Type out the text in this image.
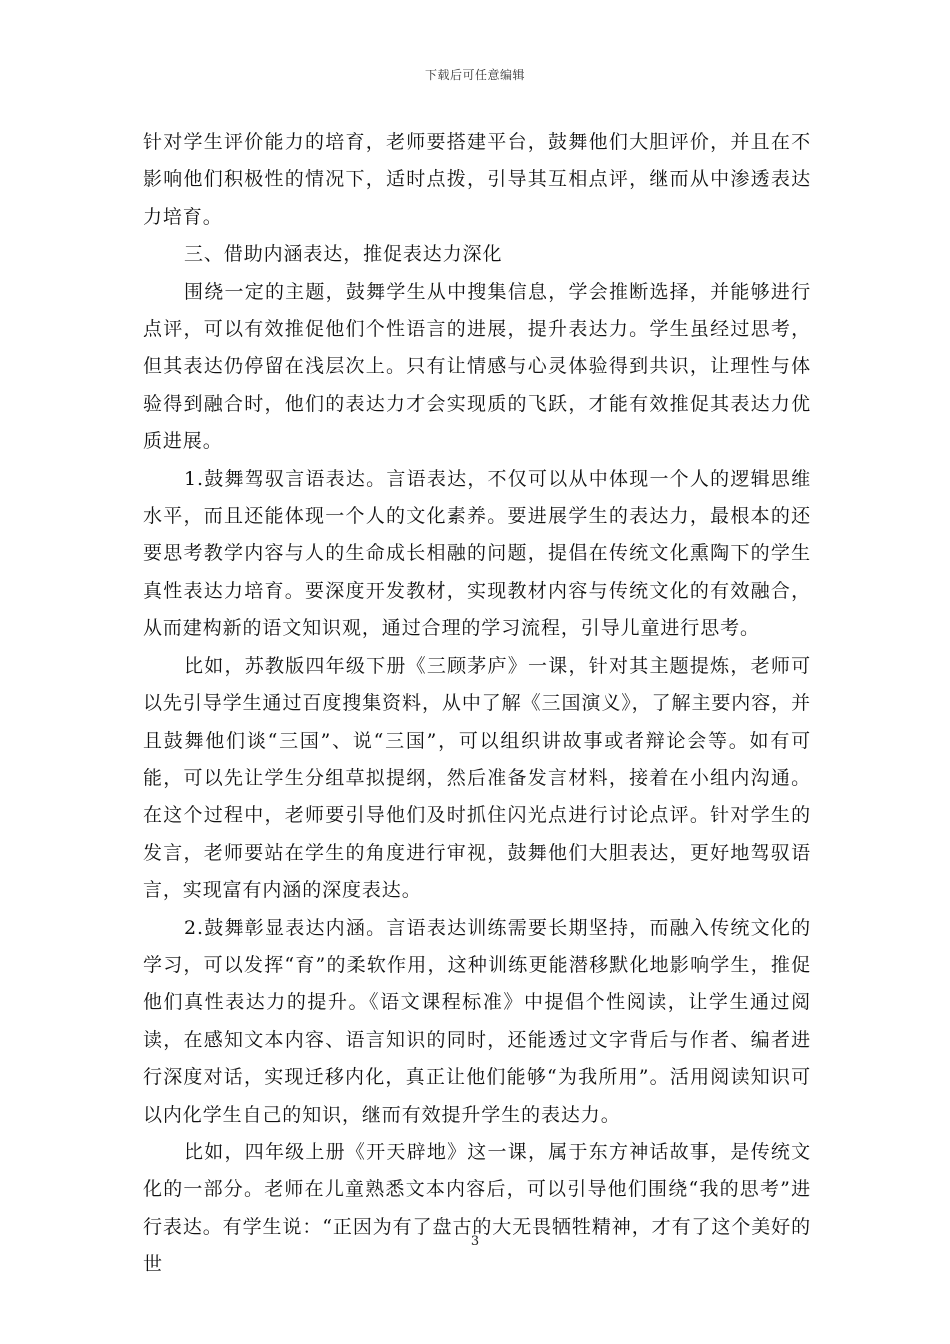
下载后可任意编辑

针对学生评价能力的培育，老师要搭建平台，鼓舞他们大胆评价，并且在不影响他们积极性的情况下，适时点拨，引导其互相点评，继而从中渗透表达力培育。

三、借助内涵表达，推促表达力深化

围绕一定的主题，鼓舞学生从中搜集信息，学会推断选择，并能够进行点评，可以有效推促他们个性语言的进展，提升表达力。学生虽经过思考，但其表达仍停留在浅层次上。只有让情感与心灵体验得到共识，让理性与体验得到融合时，他们的表达力才会实现质的飞跃，才能有效推促其表达力优质进展。

1.鼓舞驾驭言语表达。言语表达，不仅可以从中体现一个人的逻辑思维水平，而且还能体现一个人的文化素养。要进展学生的表达力，最根本的还要思考教学内容与人的生命成长相融的问题，提倡在传统文化熏陶下的学生真性表达力培育。要深度开发教材，实现教材内容与传统文化的有效融合，从而建构新的语文知识观，通过合理的学习流程，引导儿童进行思考。

比如，苏教版四年级下册《三顾茅庐》一课，针对其主题提炼，老师可以先引导学生通过百度搜集资料，从中了解《三国演义》，了解主要内容，并且鼓舞他们谈“三国”、说“三国”，可以组织讲故事或者辩论会等。如有可能，可以先让学生分组草拟提纲，然后准备发言材料，接着在小组内沟通。在这个过程中，老师要引导他们及时抓住闪光点进行讨论点评。针对学生的发言，老师要站在学生的角度进行审视，鼓舞他们大胆表达，更好地驾驭语言，实现富有内涵的深度表达。

2.鼓舞彰显表达内涵。言语表达训练需要长期坚持，而融入传统文化的学习，可以发挥“育”的柔软作用，这种训练更能潜移默化地影响学生，推促他们真性表达力的提升。《语文课程标准》中提倡个性阅读，让学生通过阅读，在感知文本内容、语言知识的同时，还能透过文字背后与作者、编者进行深度对话，实现迁移内化，真正让他们能够“为我所用”。活用阅读知识可以内化学生自己的知识，继而有效提升学生的表达力。

比如，四年级上册《开天辟地》这一课，属于东方神话故事，是传统文化的一部分。老师在儿童熟悉文本内容后，可以引导他们围绕“我的思考”进行表达。有学生说：“正因为有了盘古的大无畏牺牲精神，才有了这个美好的世

3
